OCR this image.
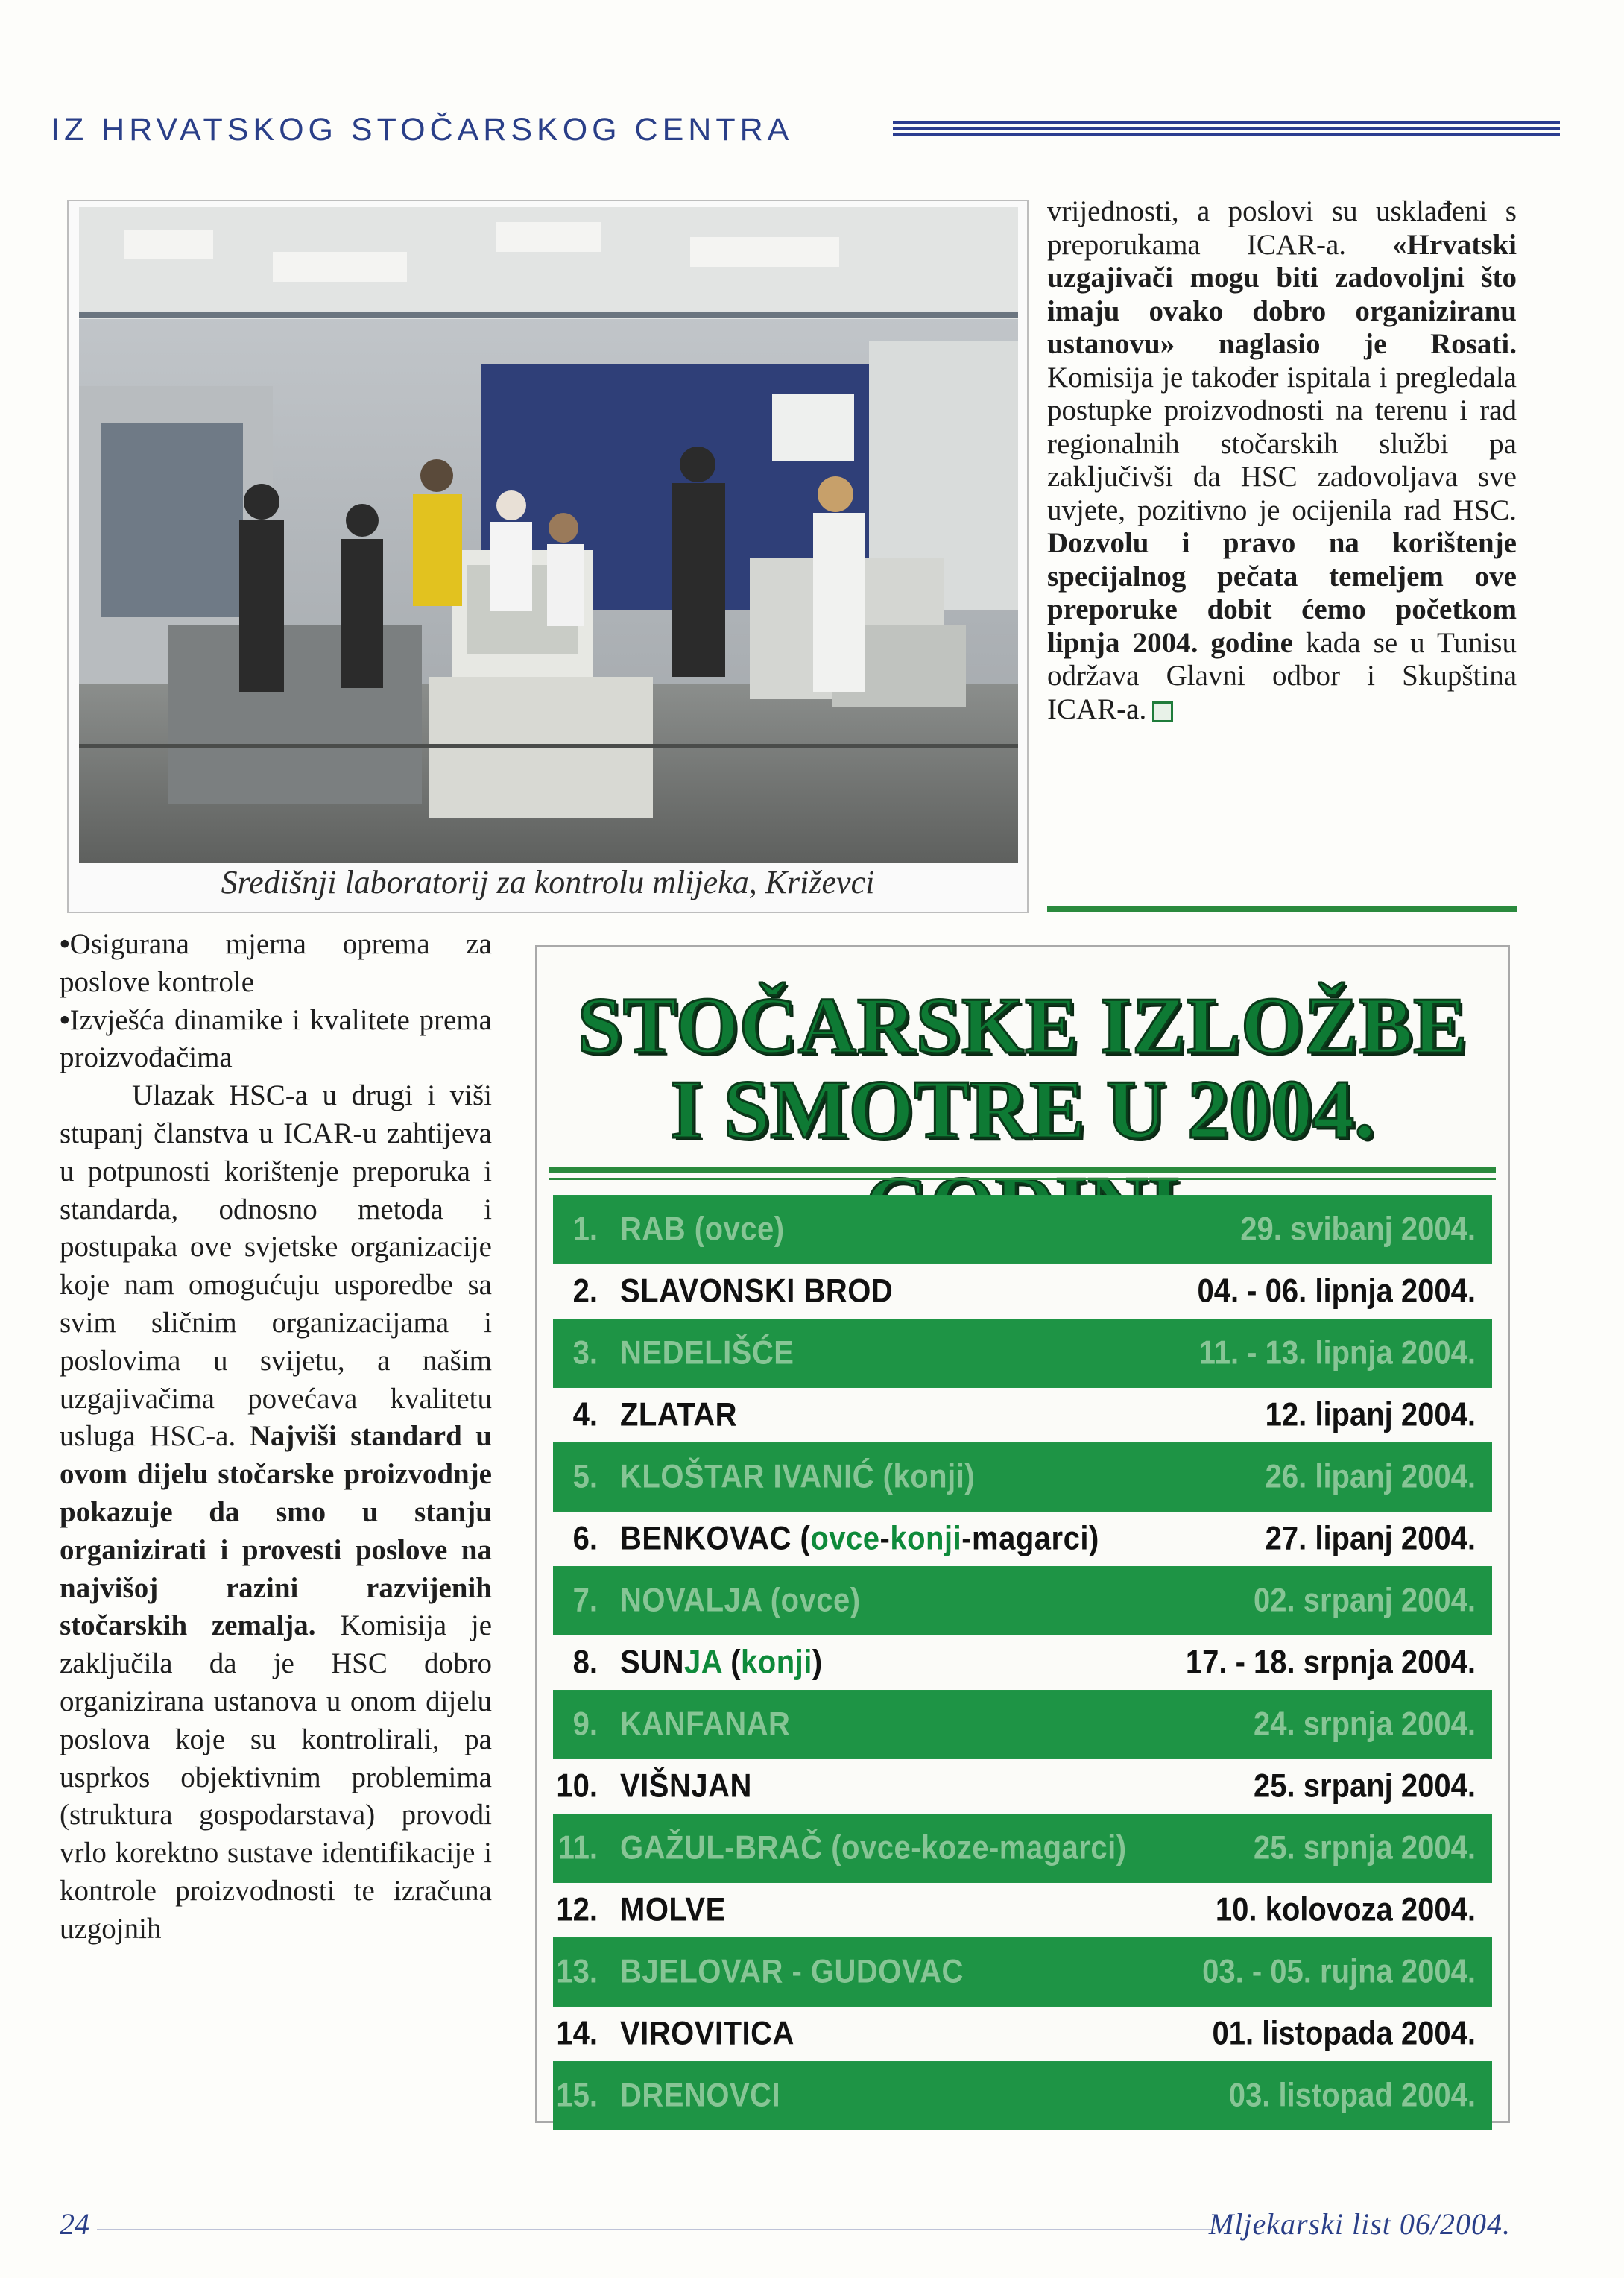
IZ HRVATSKOG STOČARSKOG CENTRA
Središnji laboratorij za kontrolu mlijeka, Križevci

vrijednosti, a poslovi su usklađeni s preporukama ICAR-a. «Hrvatski uzgajivači mogu biti zadovoljni što imaju ovako dobro organiziranu ustanovu» naglasio je Rosati. Komisija je također ispitala i pregledala postupke proizvodnosti na terenu i rad regionalnih stočarskih službi pa zaključivši da HSC zadovoljava sve uvjete, pozitivno je ocijenila rad HSC. Dozvolu i pravo na korištenje specijalnog pečata temeljem ove preporuke dobit ćemo početkom lipnja 2004. godine kada se u Tunisu održava Glavni odbor i Skupština ICAR-a.

• Osigurana mjerna oprema za poslove kontrole

• Izvješća dinamike i kvalitete prema proizvođačima

Ulazak HSC-a u drugi i viši stupanj članstva u ICAR-u zahtijeva u potpunosti korištenje preporuka i standarda, odnosno metoda i postupaka ove svjetske organizacije koje nam omogućuju usporedbe sa svim sličnim organizacijama i poslovima u svijetu, a našim uzgajivačima povećava kvalitetu usluga HSC-a. Najviši standard u ovom dijelu stočarske proizvodnje pokazuje da smo u stanju organizirati i provesti poslove na najvišoj razini razvijenih stočarskih zemalja. Komisija je zaključila da je HSC dobro organizirana ustanova u onom dijelu poslova koje su kontrolirali, pa usprkos objektivnim problemima (struktura gospodarstava) provodi vrlo korektno sustave identifikacije i kontrole proizvodnosti te izračuna uzgojnih

STOČARSKE IZLOŽBE
I SMOTRE U 2004.
1. RAB (ovce)	29. svibanj 2004.
2. SLAVONSKI BROD	04. - 06. lipnja 2004.
3. NEDELIŠĆE	11. - 13. lipnja 2004.
4. ZLATAR	12. lipanj 2004.
5. KLOŠTAR IVANIĆ (konji)	26. lipanj 2004.
6. BENKOVAC (ovce-konji-magarci)	27. lipanj 2004.
7. NOVALJA (ovce)	02. srpanj 2004.
8. SUNJA (konji)	17. - 18. srpnja 2004.
9. KANFANAR	24. srpnja 2004.
10. VIŠNJAN	25. srpanj 2004.
11. GAŽUL-BRAČ (ovce-koze-magarci)	25. srpnja 2004.
12. MOLVE	10. kolovoza 2004.
13. BJELOVAR - GUDOVAC	03. - 05. rujna 2004.
14. VIROVITICA	01. listopada 2004.
15. DRENOVCI	03. listopad 2004.
24	Mljekarski list 06/2004.
